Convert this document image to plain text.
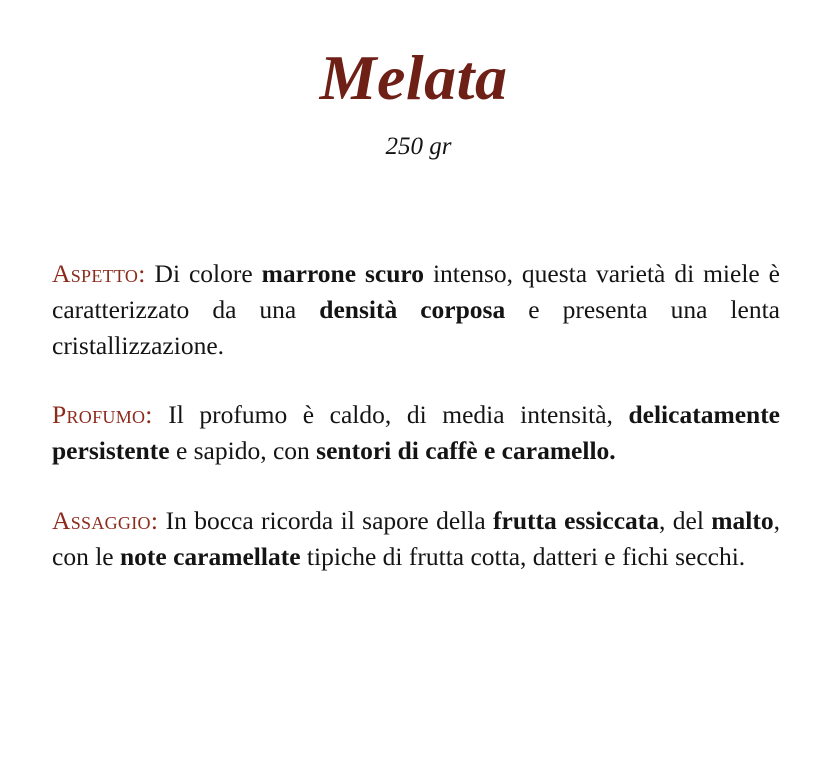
Melata
250 gr

Aspetto: Di colore marrone scuro intenso, questa varietà di miele è caratterizzato da una densità corposa e presenta una lenta cristallizzazione.

Profumo: Il profumo è caldo, di media intensità, delicatamente persistente e sapido, con sentori di caffè e caramello.

Assaggio: In bocca ricorda il sapore della frutta essiccata, del malto, con le note caramellate tipiche di frutta cotta, datteri e fichi secchi.
